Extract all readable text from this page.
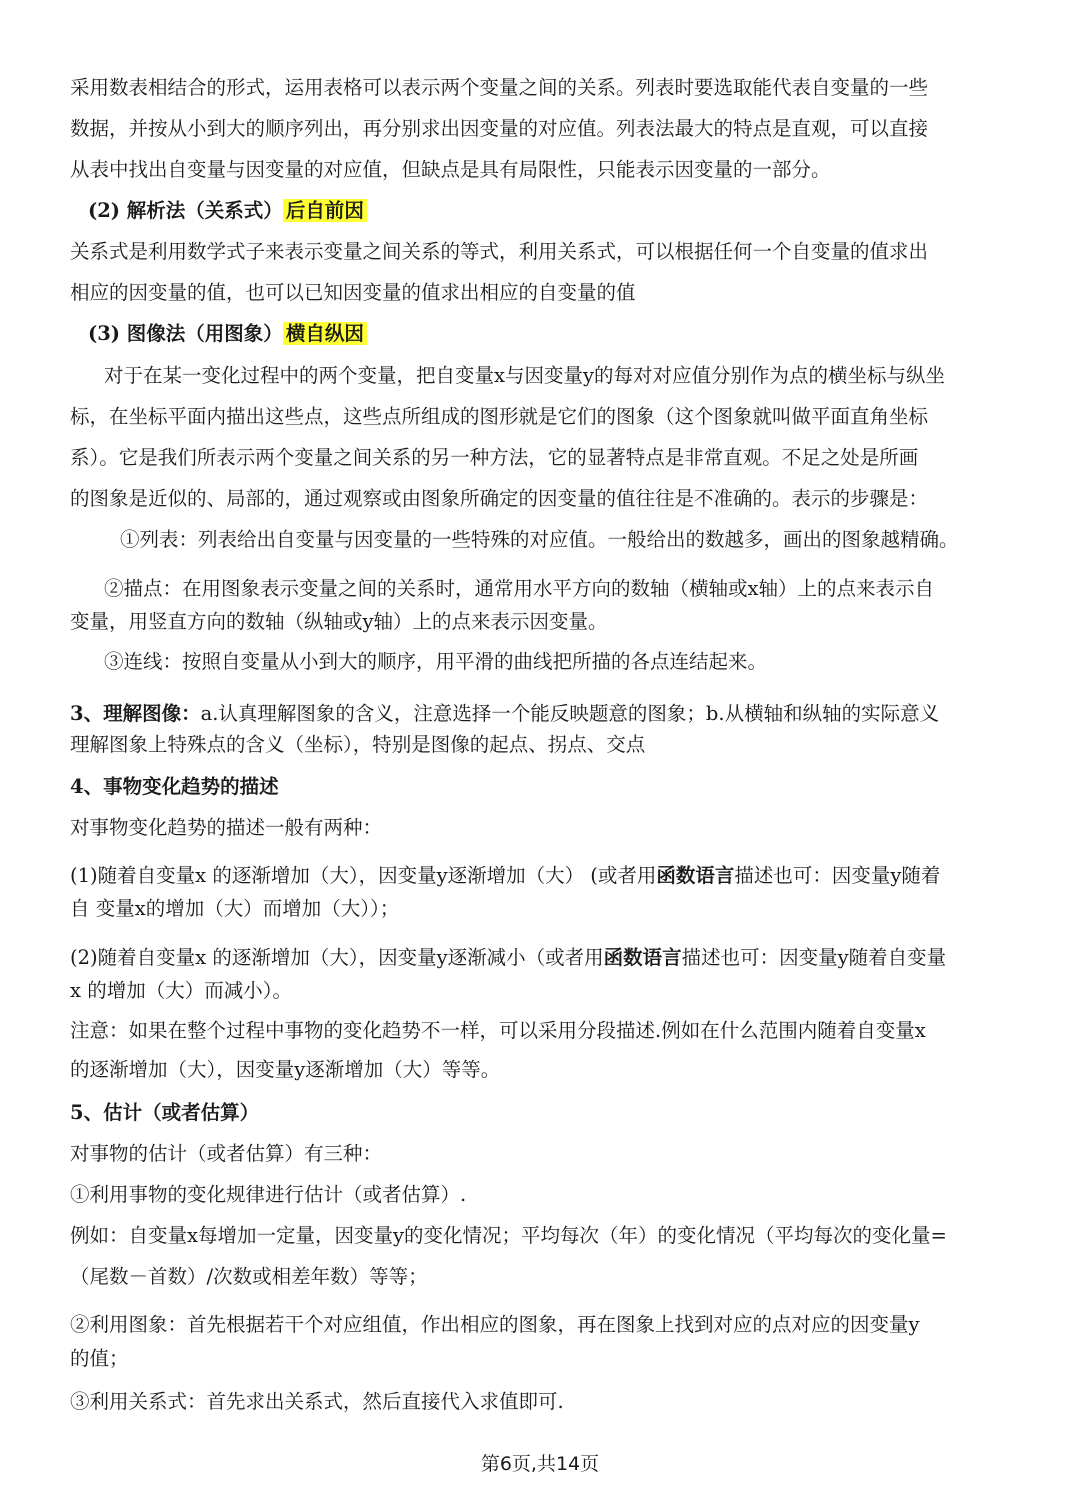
采用数表相结合的形式，运用表格可以表示两个变量之间的关系。列表时要选取能代表自变量的一些
数据，并按从小到大的顺序列出，再分别求出因变量的对应值。列表法最大的特点是直观，可以直接
从表中找出自变量与因变量的对应值，但缺点是具有局限性，只能表示因变量的一部分。
(2) 解析法（关系式） 后自前因
关系式是利用数学式子来表示变量之间关系的等式，利用关系式，可以根据任何一个自变量的值求出
相应的因变量的值，也可以已知因变量的值求出相应的自变量的值
(3) 图像法（用图象） 横自纵因
对于在某一变化过程中的两个变量，把自变量x与因变量y的每对对应值分别作为点的横坐标与纵坐
标，在坐标平面内描出这些点，这些点所组成的图形就是它们的图象（这个图象就叫做平面直角坐标
系）。它是我们所表示两个变量之间关系的另一种方法，它的显著特点是非常直观。不足之处是所画
的图象是近似的、局部的，通过观察或由图象所确定的因变量的值往往是不准确的。表示的步骤是：
①列表：列表给出自变量与因变量的一些特殊的对应值。一般给出的数越多，画出的图象越精确。
②描点：在用图象表示变量之间的关系时，通常用水平方向的数轴（横轴或x轴）上的点来表示自
变量，用竖直方向的数轴（纵轴或y轴）上的点来表示因变量。
③连线：按照自变量从小到大的顺序，用平滑的曲线把所描的各点连结起来。
3、理解图像：a.认真理解图象的含义，注意选择一个能反映题意的图象；b.从横轴和纵轴的实际意义
理解图象上特殊点的含义（坐标），特别是图像的起点、拐点、交点
4、事物变化趋势的描述
对事物变化趋势的描述一般有两种：
(1)随着自变量x 的逐渐增加（大），因变量y逐渐增加（大） (或者用函数语言描述也可：因变量y随着
自 变量x的增加（大）而增加（大））；
(2)随着自变量x 的逐渐增加（大），因变量y逐渐减小（或者用函数语言描述也可：因变量y随着自变量
x 的增加（大）而减小）。
注意：如果在整个过程中事物的变化趋势不一样，可以采用分段描述.例如在什么范围内随着自变量x
的逐渐增加（大），因变量y逐渐增加（大）等等。
5、估计（或者估算）
对事物的估计（或者估算）有三种：
①利用事物的变化规律进行估计（或者估算）.
例如：自变量x每增加一定量，因变量y的变化情况；平均每次（年）的变化情况（平均每次的变化量=
（尾数－首数）/次数或相差年数）等等；
②利用图象：首先根据若干个对应组值，作出相应的图象，再在图象上找到对应的点对应的因变量y
的值；
③利用关系式：首先求出关系式，然后直接代入求值即可.
第6页,共14页
